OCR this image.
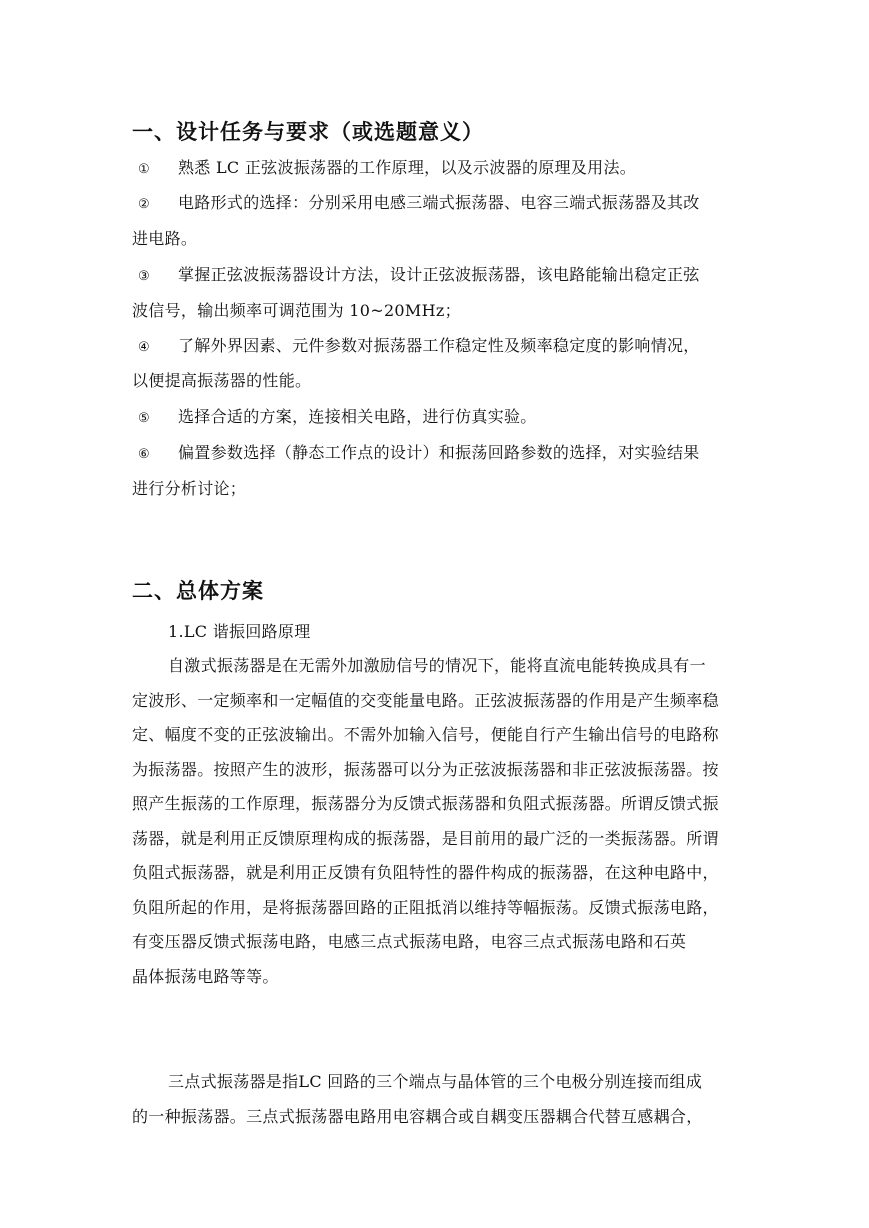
一、设计任务与要求（或选题意义）
① 熟悉 LC 正弦波振荡器的工作原理，以及示波器的原理及用法。
② 电路形式的选择：分别采用电感三端式振荡器、电容三端式振荡器及其改
进电路。
③ 掌握正弦波振荡器设计方法，设计正弦波振荡器，该电路能输出稳定正弦
波信号，输出频率可调范围为 10~20MHz；
④ 了解外界因素、元件参数对振荡器工作稳定性及频率稳定度的影响情况，
以便提高振荡器的性能。
⑤ 选择合适的方案，连接相关电路，进行仿真实验。
⑥ 偏置参数选择（静态工作点的设计）和振荡回路参数的选择，对实验结果
进行分析讨论；
二、总体方案
1.LC 谐振回路原理
自激式振荡器是在无需外加激励信号的情况下，能将直流电能转换成具有一
定波形、一定频率和一定幅值的交变能量电路。正弦波振荡器的作用是产生频率稳
定、幅度不变的正弦波输出。不需外加输入信号，便能自行产生输出信号的电路称
为振荡器。按照产生的波形，振荡器可以分为正弦波振荡器和非正弦波振荡器。按
照产生振荡的工作原理，振荡器分为反馈式振荡器和负阻式振荡器。所谓反馈式振
荡器，就是利用正反馈原理构成的振荡器，是目前用的最广泛的一类振荡器。所谓
负阻式振荡器，就是利用正反馈有负阻特性的器件构成的振荡器，在这种电路中，
负阻所起的作用，是将振荡器回路的正阻抵消以维持等幅振荡。反馈式振荡电路，
有变压器反馈式振荡电路，电感三点式振荡电路，电容三点式振荡电路和石英
晶体振荡电路等等。
三点式振荡器是指LC 回路的三个端点与晶体管的三个电极分别连接而组成
的一种振荡器。三点式振荡器电路用电容耦合或自耦变压器耦合代替互感耦合，
